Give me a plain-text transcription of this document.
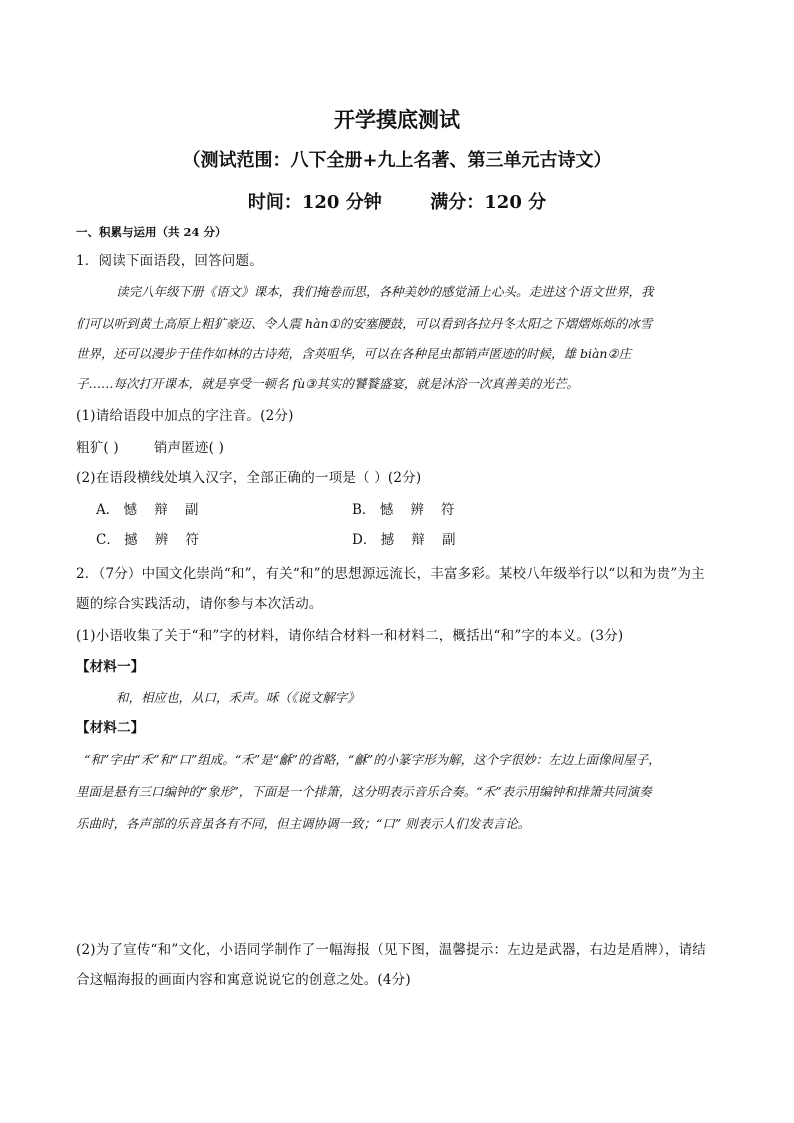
开学摸底测试
（测试范围：八下全册+九上名著、第三单元古诗文）
时间：120 分钟	满分：120 分
一、积累与运用（共 24 分）
1．阅读下面语段，回答问题。
读完八年级下册《语文》课本，我们掩卷而思，各种美妙的感觉涌上心头。走进这个语文世界，我
们可以听到黄土高原上粗犷豪迈、令人震 hàn①的安塞腰鼓，可以看到各拉丹冬太阳之下熠熠烁烁的冰雪
世界，还可以漫步于佳作如林的古诗苑，含英咀华，可以在各种昆虫都销声匿迹的时候，雄 biàn②庄
子……每次打开课本，就是享受一顿名 fù③其实的饕餮盛宴，就是沐浴一次真善美的光芒。
(1)请给语段中加点的字注音。(2分)
粗犷( )	销声匿迹( )
(2)在语段横线处填入汉字，全部正确的一项是（ ）(2分)
A． 憾    辩    副	B． 憾    辨    符
C． 撼    辨    符	D． 撼    辩    副
2．（7分）中国文化崇尚“和”，有关“和”的思想源远流长，丰富多彩。某校八年级举行以“以和为贵”为主
题的综合实践活动，请你参与本次活动。
(1)小语收集了关于“和”字的材料，请你结合材料一和材料二，概括出“和”字的本义。(3分)
【材料一】
和，相应也，从口，禾声。咊（《说文解字》
【材料二】
“和”字由“禾”和“口”组成。“禾”是“龢”的省略，“龢”的小篆字形为解，这个字很妙：左边上面像间屋子，
里面是悬有三口编钟的“象形”，下面是一个排箫，这分明表示音乐合奏。“禾”表示用编钟和排箫共同演奏
乐曲时，各声部的乐音虽各有不同，但主调协调一致；“口” 则表示人们发表言论。
(2)为了宣传“和”文化，小语同学制作了一幅海报（见下图，温馨提示：左边是武器，右边是盾牌），请结
合这幅海报的画面内容和寓意说说它的创意之处。(4分)
